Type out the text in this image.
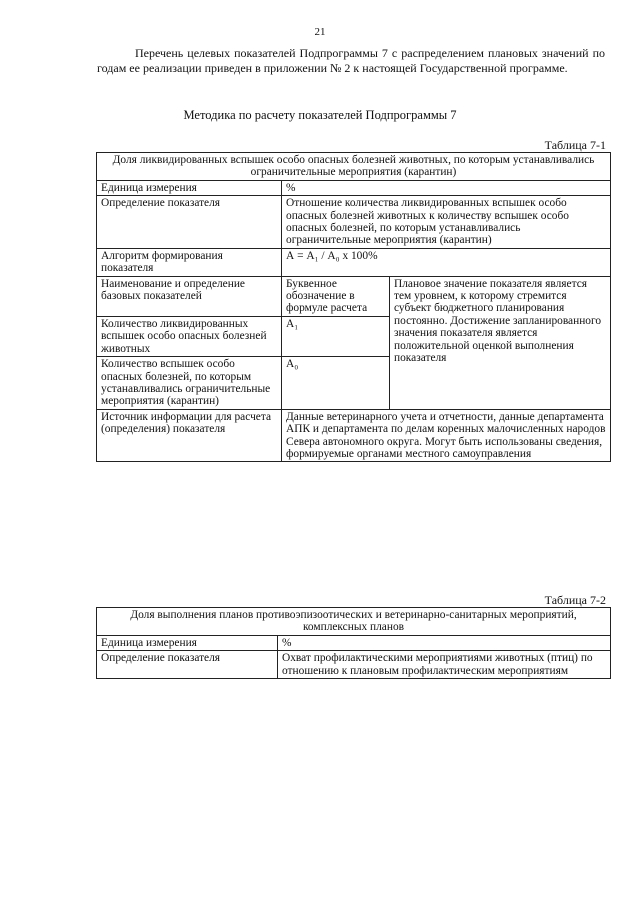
21

Перечень целевых показателей Подпрограммы 7 с распределением плановых значений по годам ее реализации приведен в приложении № 2 к настоящей Государственной программе.

Методика по расчету показателей Подпрограммы 7
Таблица 7-1
Доля ликвидированных вспышек особо опасных болезней животных, по которым устанавливались ограничительные мероприятия (карантин)		
Единица измерения	%	
Определение показателя	Отношение количества ликвидированных вспышек особо опасных болезней животных к количеству вспышек особо опасных болезней, по которым устанавливались ограничительные мероприятия (карантин)	
Алгоритм формирования показателя	А = А₁ / А₀ x 100%	
Наименование и определение базовых показателей	Буквенное обозначение в формуле расчета	Плановое значение показателя является тем уровнем, к которому стремится субъект бюджетного планирования постоянно. Достижение запланированного значения показателя является положительной оценкой выполнения показателя
Количество ликвидированных вспышек особо опасных болезней животных	А₁	
Количество вспышек особо опасных болезней, по которым устанавливались ограничительные мероприятия (карантин)	А₀	
Источник информации для расчета (определения) показателя	Данные ветеринарного учета и отчетности, данные департамента АПК и департамента по делам коренных малочисленных народов Севера автономного округа. Могут быть использованы сведения, формируемые органами местного самоуправления	
Таблица 7-2
Доля выполнения планов противоэпизоотических и ветеринарно-санитарных мероприятий, комплексных планов	
Единица измерения	%
Определение показателя	Охват профилактическими мероприятиями животных (птиц) по отношению к плановым профилактическим мероприятиям
